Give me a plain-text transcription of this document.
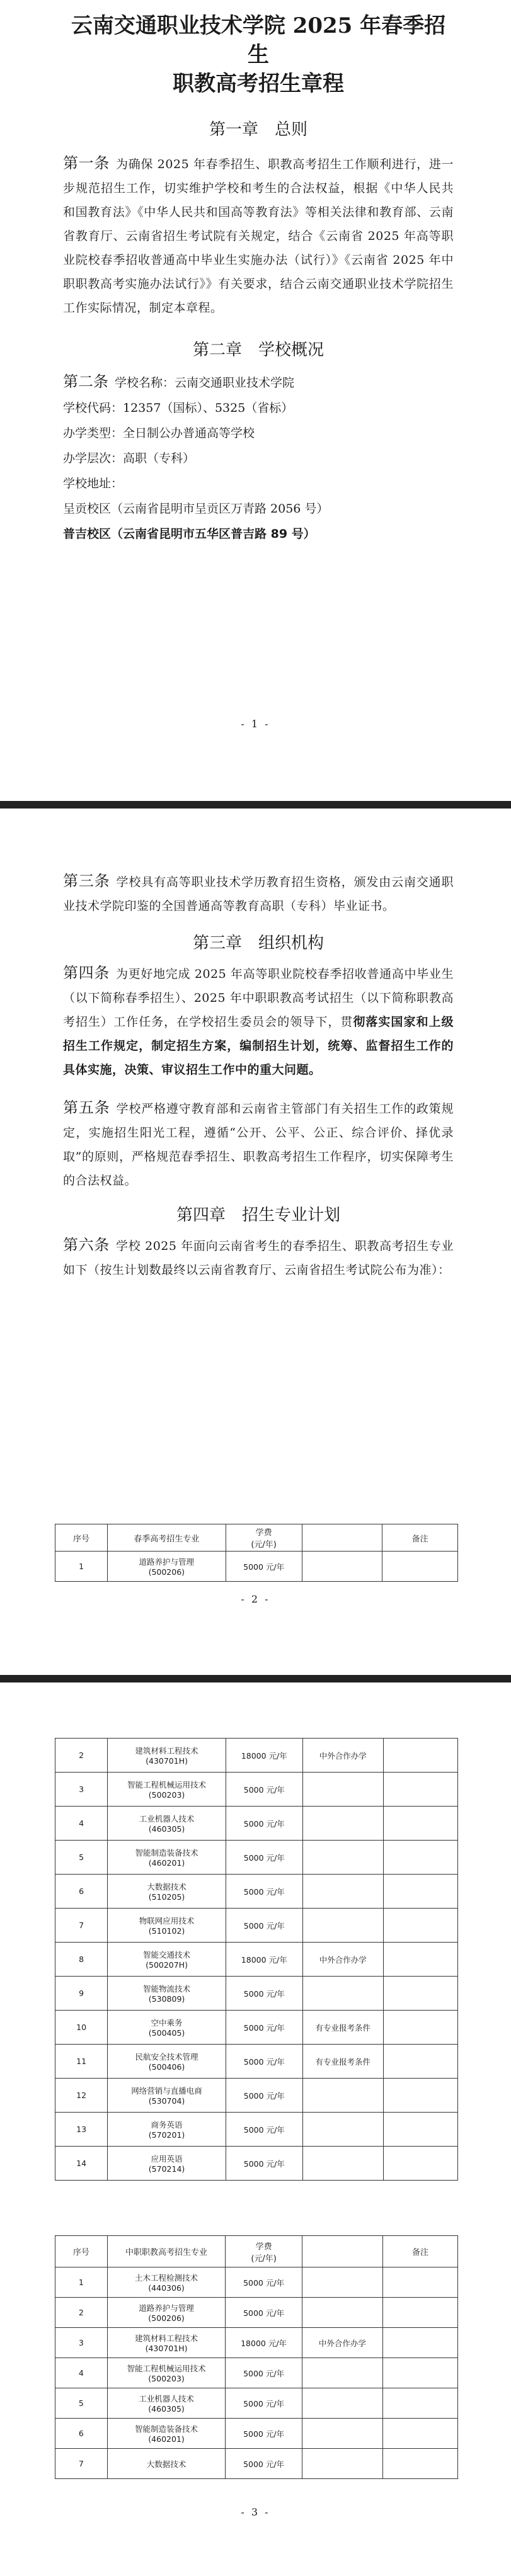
云南交通职业技术学院 2025 年春季招生

职教高考招生章程

第一章　总则

第一条 为确保 2025 年春季招生、职教高考招生工作顺利进行，进一步规范招生工作，切实维护学校和考生的合法权益，根据《中华人民共和国教育法》《中华人民共和国高等教育法》等相关法律和教育部、云南省教育厅、云南省招生考试院有关规定，结合《云南省 2025 年高等职业院校春季招收普通高中毕业生实施办法（试行）》《云南省 2025 年中职职教高考实施办法试行》》有关要求，结合云南交通职业技术学院招生工作实际情况，制定本章程。

第二章　学校概况

第二条 学校名称：云南交通职业技术学院

学校代码：12357（国标）、5325（省标）

办学类型：全日制公办普通高等学校

办学层次：高职（专科）

学校地址：

呈贡校区（云南省昆明市呈贡区万青路 2056 号）

普吉校区（云南省昆明市五华区普吉路 89 号）

- 1 -

第三条 学校具有高等职业技术学历教育招生资格，颁发由云南交通职业技术学院印鉴的全国普通高等教育高职（专科）毕业证书。

第三章　组织机构

第四条 为更好地完成 2025 年高等职业院校春季招收普通高中毕业生（以下简称春季招生）、2025 年中职职教高考试招生（以下简称职教高考招生）工作任务，在学校招生委员会的领导下，贯彻落实国家和上级招生工作规定，制定招生方案，编制招生计划，统筹、监督招生工作的具体实施，决策、审议招生工作中的重大问题。

第五条 学校严格遵守教育部和云南省主管部门有关招生工作的政策规定，实施招生阳光工程，遵循“公开、公平、公正、综合评价、择优录取”的原则，严格规范春季招生、职教高考招生工作程序，切实保障考生的合法权益。

第四章　招生专业计划

第六条 学校 2025 年面向云南省考生的春季招生、职教高考招生专业如下（按生计划数最终以云南省教育厅、云南省招生考试院公布为准）：

序号	春季高考招生专业	学费
(元/年)		备注
1	道路养护与管理
(500206)	5000 元/年		
- 2 -
2	建筑材料工程技术
(430701H)	18000 元/年	中外合作办学	
3	智能工程机械运用技术
(500203)	5000 元/年		
4	工业机器人技术
(460305)	5000 元/年		
5	智能制造装备技术
(460201)	5000 元/年		
6	大数据技术
(510205)	5000 元/年		
7	物联网应用技术
(510102)	5000 元/年		
8	智能交通技术
(500207H)	18000 元/年	中外合作办学	
9	智能物流技术
(530809)	5000 元/年		
10	空中乘务
(500405)	5000 元/年	有专业报考条件	
11	民航安全技术管理
(500406)	5000 元/年	有专业报考条件	
12	网络营销与直播电商
(530704)	5000 元/年		
13	商务英语
(570201)	5000 元/年		
14	应用英语
(570214)	5000 元/年		
序号	中职职教高考招生专业	学费
(元/年)		备注
1	土木工程检测技术
(440306)	5000 元/年		
2	道路养护与管理
(500206)	5000 元/年		
3	建筑材料工程技术
(430701H)	18000 元/年	中外合作办学	
4	智能工程机械运用技术
(500203)	5000 元/年		
5	工业机器人技术
(460305)	5000 元/年		
6	智能制造装备技术
(460201)	5000 元/年		
7	大数据技术	5000 元/年		
- 3 -
